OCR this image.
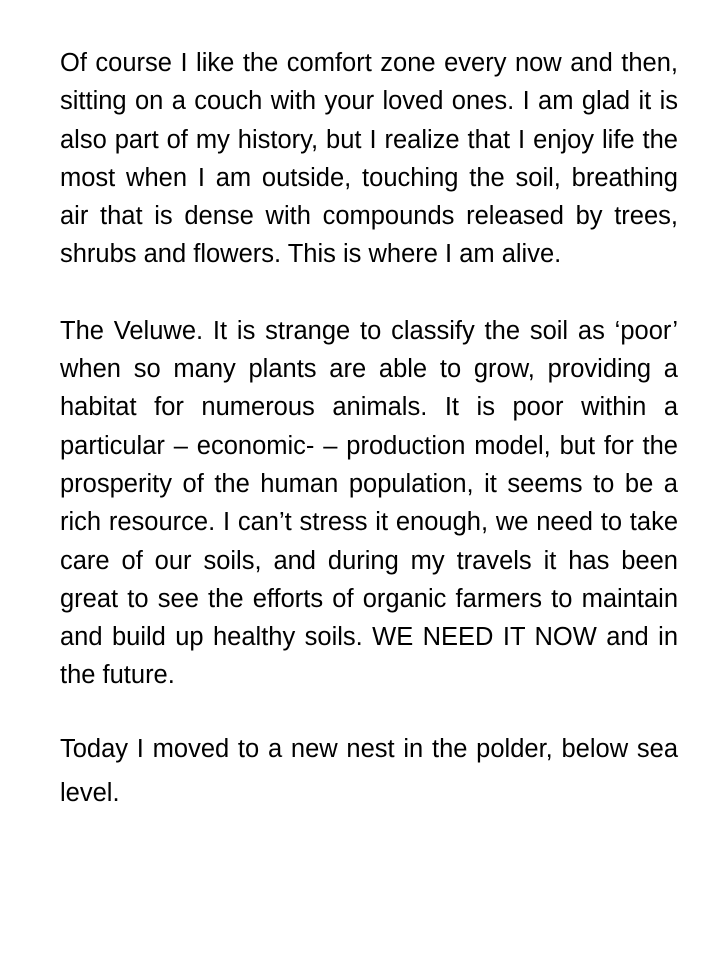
Of course I like the comfort zone every now and then, sitting on a couch with your loved ones. I am glad it is also part of my history, but I realize that I enjoy life the most when I am outside, touching the soil, breathing air that is dense with compounds released by trees, shrubs and flowers. This is where I am alive.

The Veluwe. It is strange to classify the soil as ‘poor’ when so many plants are able to grow, providing a habitat for numerous animals. It is poor within a particular – economic- – production model, but for the prosperity of the human population, it seems to be a rich resource. I can’t stress it enough, we need to take care of our soils, and during my travels it has been great to see the efforts of organic farmers to maintain and build up healthy soils. WE NEED IT NOW and in the future.

Today I moved to a new nest in the polder, below sea level.
